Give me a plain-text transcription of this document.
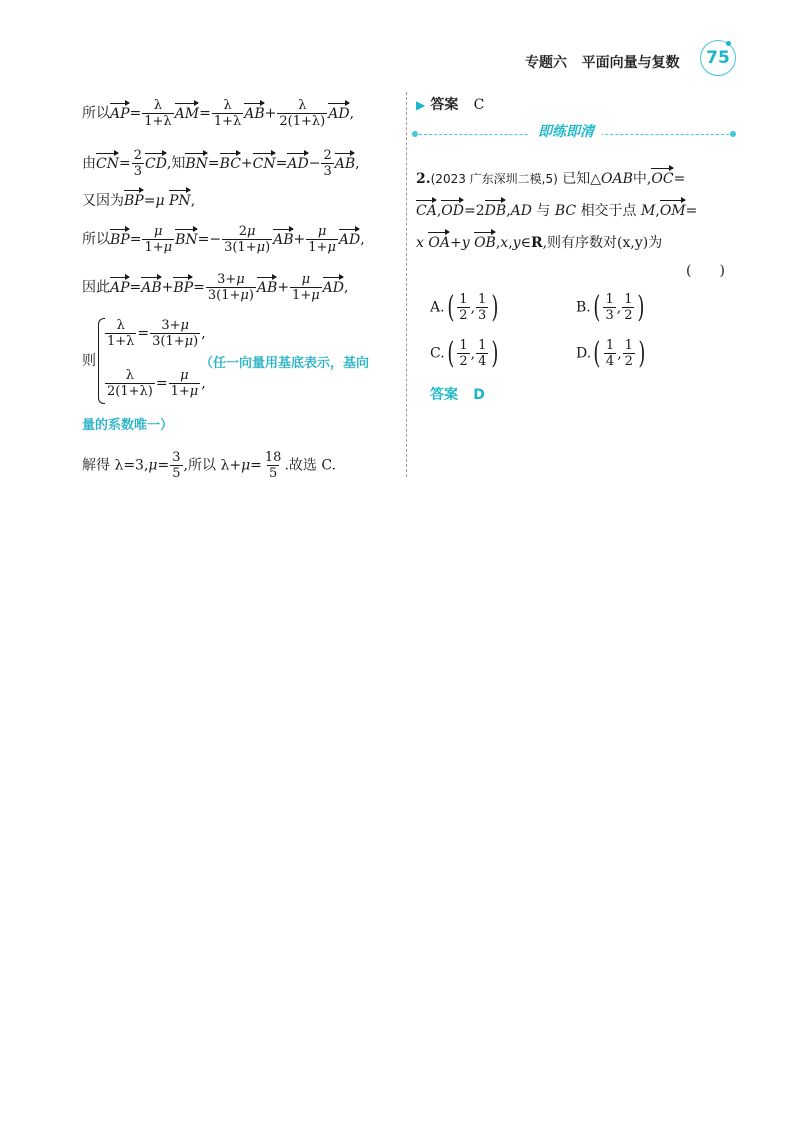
专题六 平面向量与复数 75
所以$AP= \frac{\lambda}{1+\lambda} AM= \frac{\lambda}{1+\lambda} AB+ \frac{\lambda}{2(1+\lambda)}$ AD,
由$CN= \frac{2}{3}$ CD,知$BN=BC+CN=AD- \frac{2}{3}$ AB,
又因为BP=μ PN,
所以$BP= \frac{\mu}{1+\mu} BN=- \frac{2\mu}{3(1+\mu)} AB+ \frac{\mu}{1+\mu}$ AD,
因此$AP=AB+BP= \frac{3+\mu}{3(1+\mu)} AB+ \frac{\mu}{1+\mu}$ AD,
则
$\frac{\lambda}{1+\lambda} = \frac{3+\mu}{3(1+\mu)}$ ,
$\frac{\lambda}{2(1+\lambda)} = \frac{\mu}{1+\mu}$ ,
（任一向量用基底表示，基向
量的系数唯一）
解得 $\lambda=3,\mu= \frac{3}{5}$ ,所以 $\lambda+\mu= \frac{18}{5}$ .故选 C.
▶ 答案 C
即练即清
2.(2023 广东深圳二模,5) 已知△OAB中,OC=
CA,OD=2DB,AD 与 BC 相交于点 M,OM=
x OA+y OB,x,y∈R,则有序数对(x,y)为
(　　)
A. ( $\frac{1}{2}$ , $\frac{1}{3}$ )	B. ( $\frac{1}{3}$ , $\frac{1}{2}$ )
C. ( $\frac{1}{2}$ , $\frac{1}{4}$ )	D. ( $\frac{1}{4}$ , $\frac{1}{2}$ )
答案 D
